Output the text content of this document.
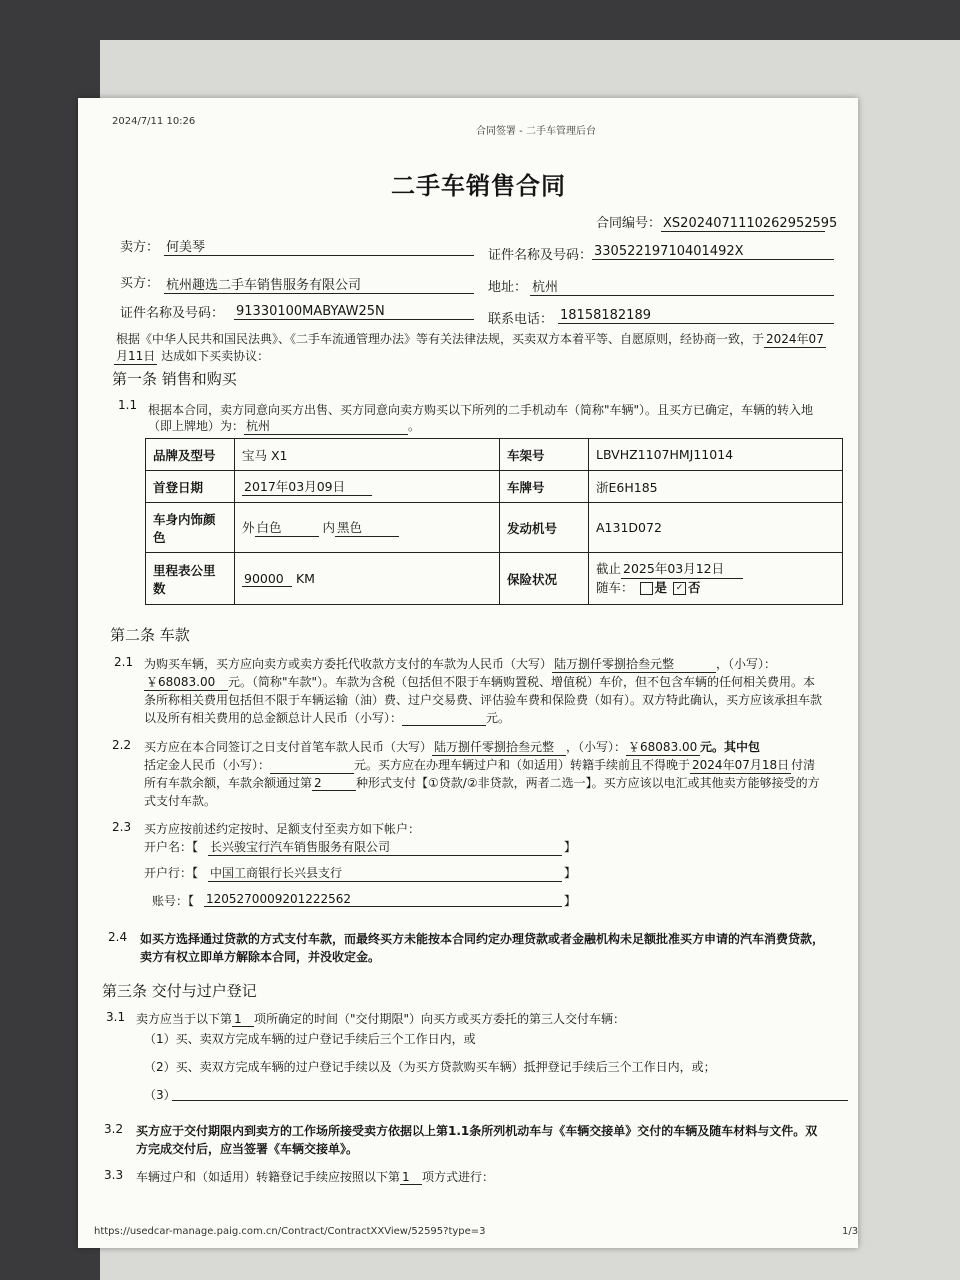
2024/7/11 10:26
合同签署 - 二手车管理后台
二手车销售合同
合同编号： XS2024071110262952595
卖方： 何美琴
证件名称及号码： 33052219710401492X
买方： 杭州趣选二手车销售服务有限公司	地址： 杭州
证件名称及号码： 91330100MABYAW25N
联系电话： 18158182189
根据《中华人民共和国民法典》、《二手车流通管理办法》等有关法律法规，买卖双方本着平等、自愿原则，经协商一致，于 2024年07
月11日 达成如下买卖协议：
第一条 销售和购买
1.1 根据本合同，卖方同意向买方出售、买方同意向卖方购买以下所列的二手机动车（简称"车辆"）。且买方已确定，车辆的转入地
（即上牌地）为： 杭州	。
品牌及型号	宝马 X1	车架号	LBVHZ1107HMJ11014
首登日期	2017年03月09日	车牌号	浙E6H185
车身内饰颜色	外 白色 内 黑色	发动机号	A131D072
里程表公里数	90000 KM	保险状况	截止 2025年03月12日
随车： 是 ✓ 否
第二条 车款
2.1 为购买车辆，买方应向卖方或卖方委托代收款方支付的车款为人民币（大写） 陆万捌仟零捌拾叁元整	，（小写）：
￥68083.00 元。（简称"车款"）。车款为含税（包括但不限于车辆购置税、增值税）车价，但不包含车辆的任何相关费用。本
条所称相关费用包括但不限于车辆运输（油）费、过户交易费、评估验车费和保险费（如有）。双方特此确认，买方应该承担车款
以及所有相关费用的总金额总计人民币（小写）：	元。
2.2 买方应在本合同签订之日支付首笔车款人民币（大写） 陆万捌仟零捌拾叁元整 ，（小写）： ￥68083.00 元。其中包
括定金人民币（小写）：	元。买方应在办理车辆过户和（如适用）转籍手续前且不得晚于 2024年07月18日 付清
所有车款余额，车款余额通过第 2	种形式支付【①贷款/②非贷款，两者二选一】。买方应该以电汇或其他卖方能够接受的方
式支付车款。
2.3 买方应按前述约定按时、足额支付至卖方如下帐户：
开户名：【 长兴骏宝行汽车销售服务有限公司	】
开户行：【 中国工商银行长兴县支行	】
账号：【 1205270009201222562	】
2.4 如买方选择通过贷款的方式支付车款，而最终买方未能按本合同约定办理贷款或者金融机构未足额批准买方申请的汽车消费贷款，
卖方有权立即单方解除本合同，并没收定金。
第三条 交付与过户登记
3.1 卖方应当于以下第 1 项所确定的时间（"交付期限"）向买方或买方委托的第三人交付车辆：
（1）买、卖双方完成车辆的过户登记手续后三个工作日内，或
（2）买、卖双方完成车辆的过户登记手续以及（为买方贷款购买车辆）抵押登记手续后三个工作日内，或；
（3）
3.2 买方应于交付期限内到卖方的工作场所接受卖方依据以上第1.1条所列机动车与《车辆交接单》交付的车辆及随车材料与文件。双
方完成交付后，应当签署《车辆交接单》。
3.3 车辆过户和（如适用）转籍登记手续应按照以下第 1 项方式进行：
https://usedcar-manage.paig.com.cn/Contract/ContractXXView/52595?type=3	1/3
